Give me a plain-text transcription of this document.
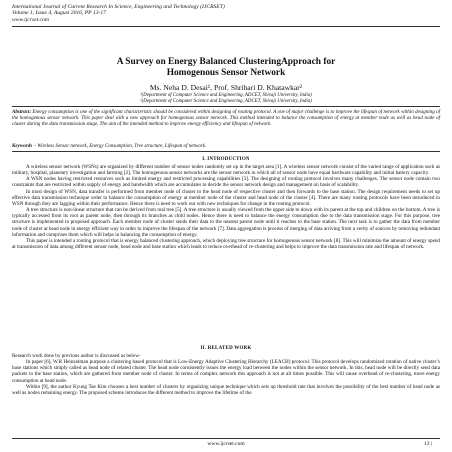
International Journal of Current Research In Science, Engineering and Technology (IJCRSET)
Volume 1, Issue 4, August 2016, PP 13-17
www.ijcrset.com
A Survey on Energy Balanced ClusteringApproach for
Homogenous Sensor Network
Ms. Neha D. Desai¹, Prof. Shrihari D. Khatawkar²
¹(Department of Computer Science and Engineering, ADCET, Shivaji University, India)
²(Department of Computer Science and Engineering, ADCET, Shivaji University, India)
Abstract: Energy consumption is one of the significant characteristic should be considered within designing of routing protocol. A one of major challenge is to improve the lifespan of network within designing of the homogenous sensor network. This paper deal with a new approach for homogenous sensor network. This method intended to balance the consumption of energy at member node as well as head node of cluster during the data transmission stage. The aim of the intended method to improve energy efficiency and lifespan of network.
Keywords – Wireless Sensor network, Energy Consumption, Tree structure, Lifespan of network.
I. INTRODUCTION

A wireless sensor network (WSNs) are organized by different number of sensor nodes randomly set up in the target area [1]. A wireless sensor network consist of the varied range of application such as military, hospital, planetary investigation and farming [2]. The homogenous sensor networks are the sensor network in which all of sensor node have equal hardware capability and initial battery capacity.

A WSN nodes having restricted resources such as limited energy and restricted processing capabilities [3]. The designing of routing protocol involves many challenges. The sensor node contain two constraints that are restricted within supply of energy and bandwidth which are accumulates to decide the sensor network design and management on basis of scalability.

In most design of WSN, data transfer is performed from member node of cluster to the head node of respective cluster and then forwards to the base station. The design requirement needs to set up effective data transmission technique order to balance the consumption of energy at member node of the cluster and head node of the cluster [4]. There are many routing protocols have been introduced in WSN through they are lagging within their performance. Hence there is need to work out with new techniques for change in the routing protocol.

A tree structure is non-linear structure that can be derived from real tree [5]. A tree structure is usually viewed from the upper side to down with its parent at the top and children on the bottom. A tree is typically accessed from its root as parent node, then through its branches as child nodes. Hence there is need to balance the energy consumption due to the data transmission stage. For this purpose, tree structure is implemented in proposed approach. Each member node of cluster sends their data to the nearest parent node until it reaches to the base station. The next task is to gather the data from member node of cluster at head node in energy efficient way in order to improve the lifespan of the network [7]. Data aggregation is process of merging of data arriving from a verity of sources by removing redundant information and comprises them which will helps in balancing the consumption of energy.

This paper is intended a routing protocol that is energy balanced clustering approach, which deploying tree structure for homogenous sensor network [8]. This will minimize the amount of energy spend at transmission of data among different sensor node, head node and base station which leads to reduce overhead of re-clustering and helps to improve the data transmission rate and lifespan of network.

II. RELATED WORK

Research work done by previous author is discussed as below-

In paper [6], W.R Heinzelman purpose a clustering based protocol that is Low-Energy Adaptive Clustering Hierarchy (LEACH) protocol. This protocol develops randomized rotation of native cluster’s base stations which simply called as head node of related cluster. The head node consistently issues the energy load between the nodes within the sensor network. In this, head node will be directly send data packets to the base station, which are gathered from member node of cluster. In terms of complex network this approach is not at all times possible. This will cause overhead of re-clustering, more energy consumption at head node.

Within [9], the author Kyung Tae Kim chooses a best number of clusters by organizing unique technique which sets up threshold rate that involves the possibility of the best number of head node as well as nodes remaining energy. The proposed scheme introduces the different method to improve the lifetime of the

www.ijcrset.com	13 |
